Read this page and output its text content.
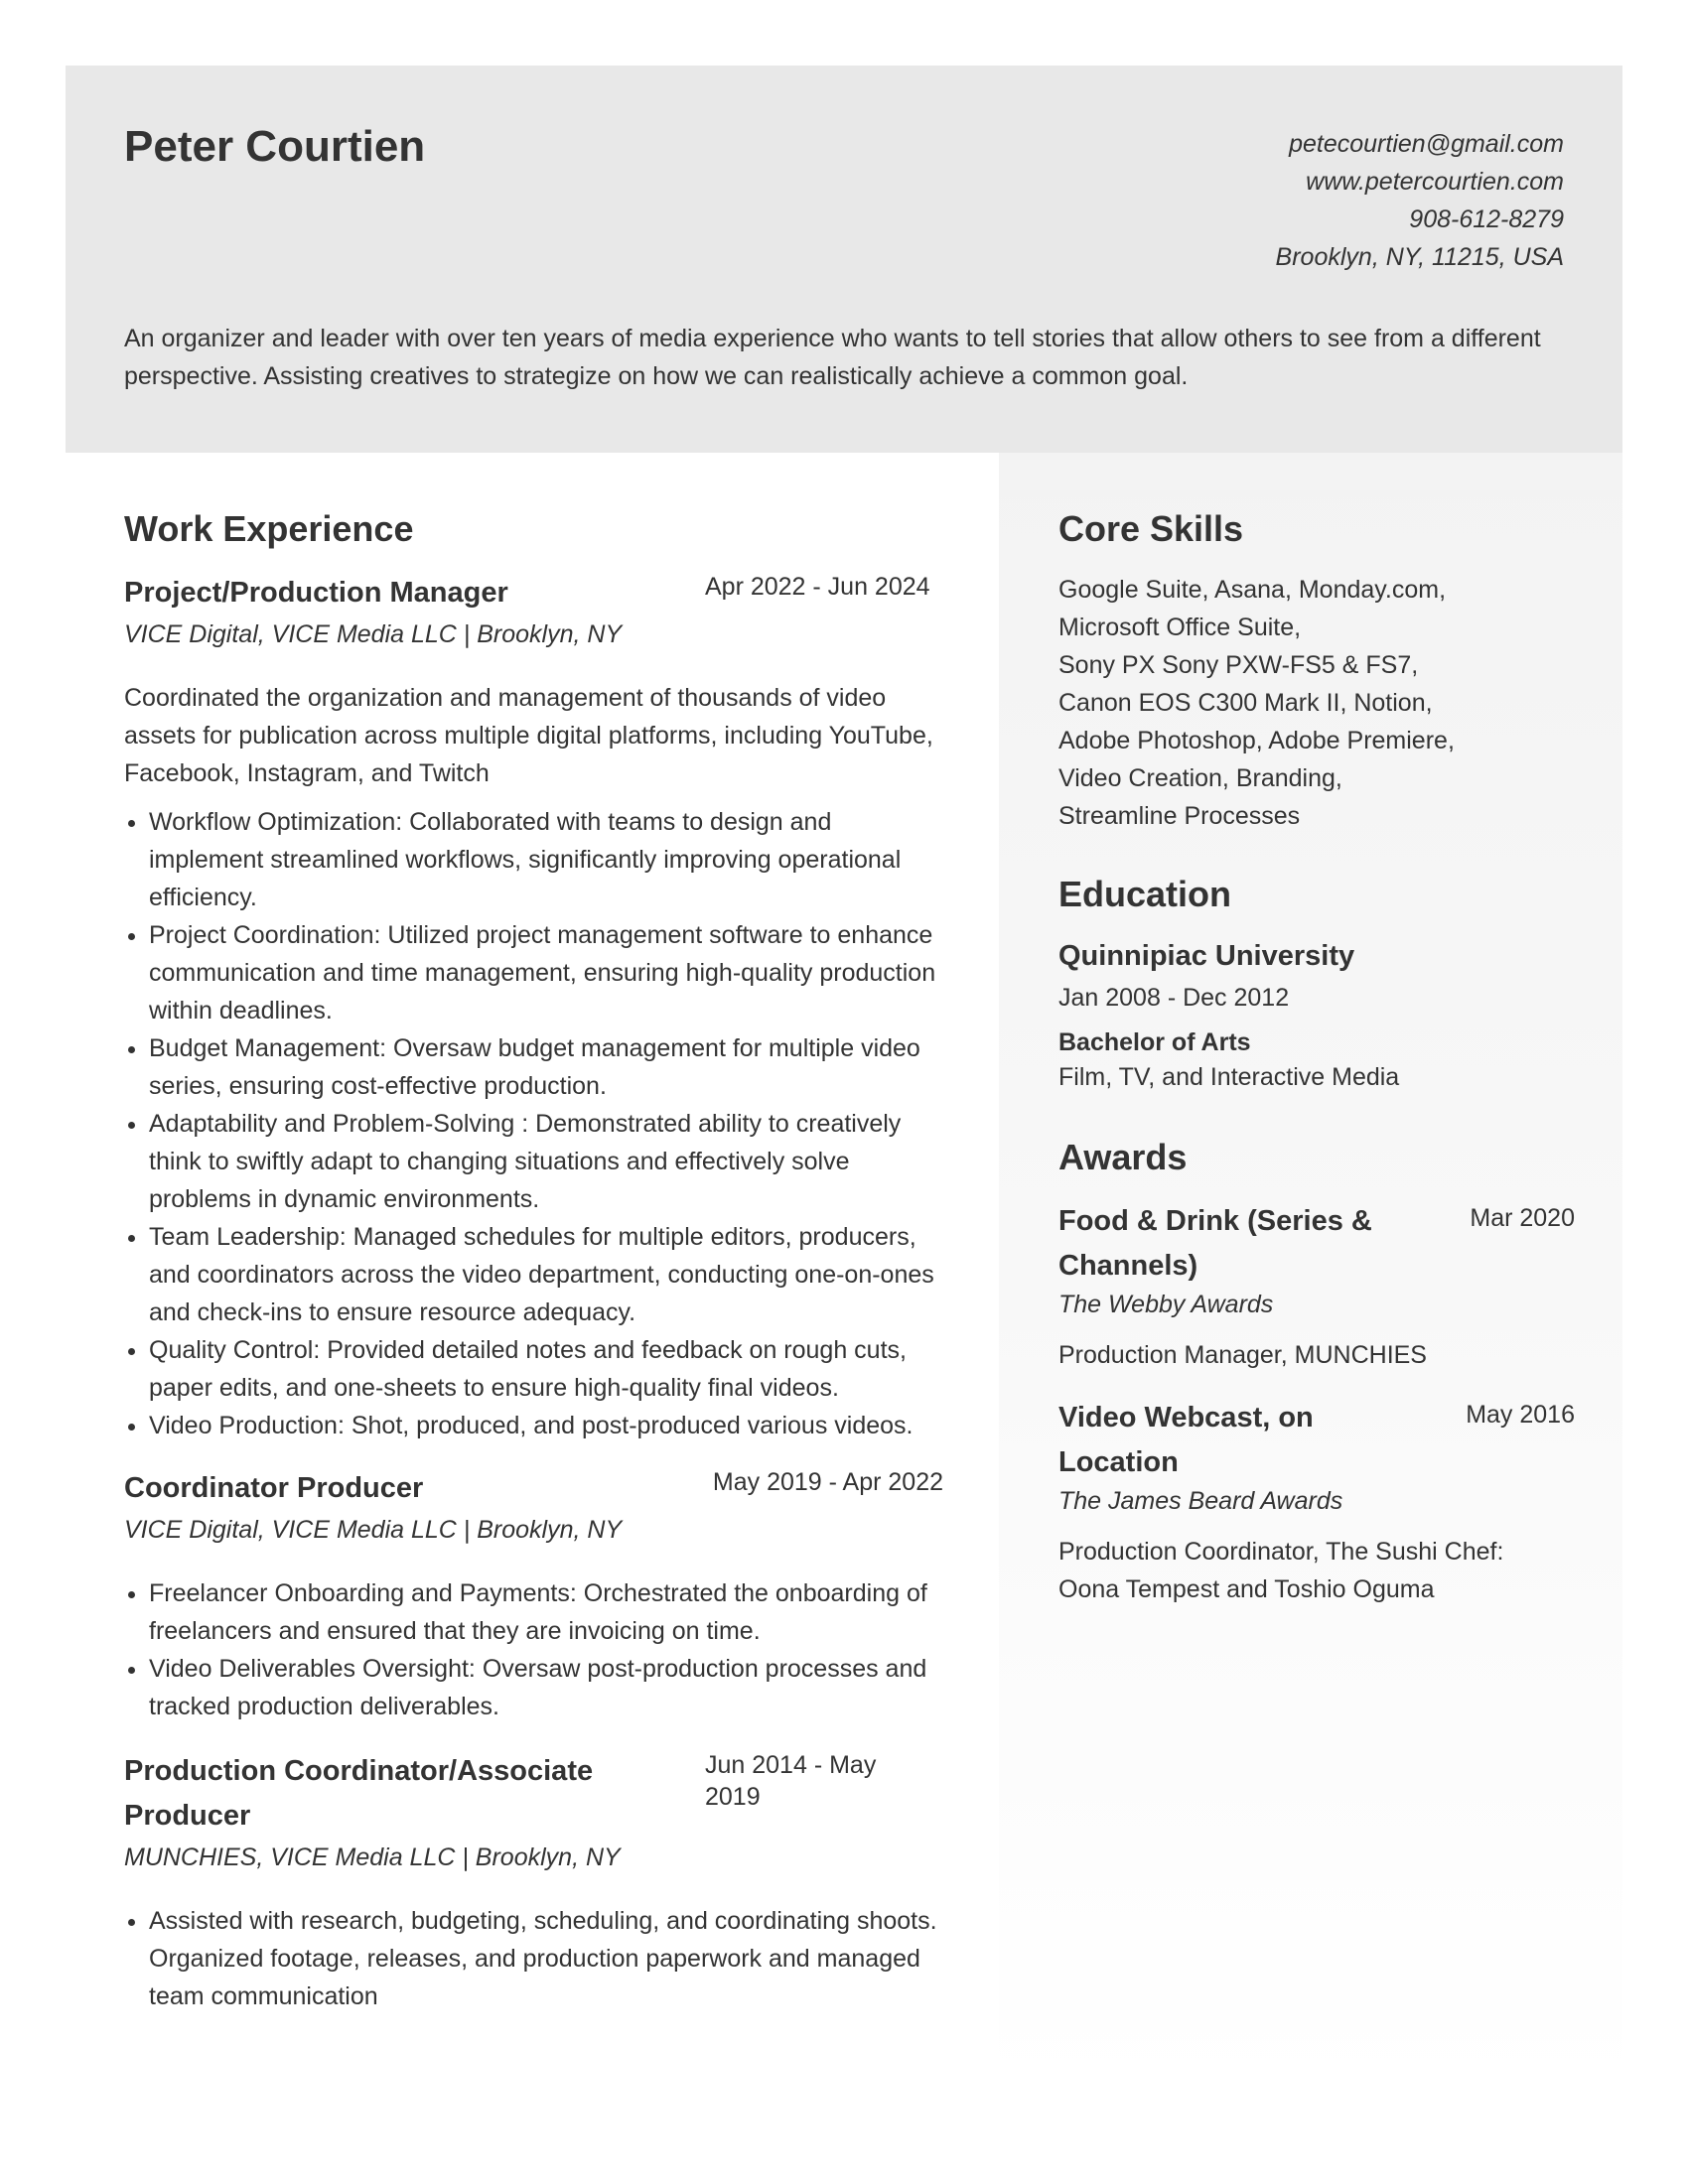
Peter Courtien	petecourtien@gmail.com
www.petercourtien.com
908-612-8279
Brooklyn, NY, 11215, USA

An organizer and leader with over ten years of media experience who wants to tell stories that allow others to see from a different perspective. Assisting creatives to strategize on how we can realistically achieve a common goal.

Work Experience
Project/Production Manager	Apr 2022 - Jun 2024
VICE Digital, VICE Media LLC | Brooklyn, NY

Coordinated the organization and management of thousands of video assets for publication across multiple digital platforms, including YouTube, Facebook, Instagram, and Twitch

• Workflow Optimization: Collaborated with teams to design and implement streamlined workflows, significantly improving operational efficiency.
• Project Coordination: Utilized project management software to enhance communication and time management, ensuring high-quality production within deadlines.
• Budget Management: Oversaw budget management for multiple video series, ensuring cost-effective production.
• Adaptability and Problem-Solving : Demonstrated ability to creatively think to swiftly adapt to changing situations and effectively solve problems in dynamic environments.
• Team Leadership: Managed schedules for multiple editors, producers, and coordinators across the video department, conducting one-on-ones and check-ins to ensure resource adequacy.
• Quality Control: Provided detailed notes and feedback on rough cuts, paper edits, and one-sheets to ensure high-quality final videos.
• Video Production: Shot, produced, and post-produced various videos.
Coordinator Producer	May 2019 - Apr 2022
VICE Digital, VICE Media LLC | Brooklyn, NY
• Freelancer Onboarding and Payments: Orchestrated the onboarding of freelancers and ensured that they are invoicing on time.
• Video Deliverables Oversight: Oversaw post-production processes and tracked production deliverables.
Production Coordinator/Associate Producer
Jun 2014 - May 2019
MUNCHIES, VICE Media LLC | Brooklyn, NY
• Assisted with research, budgeting, scheduling, and coordinating shoots. Organized footage, releases, and production paperwork and managed team communication
Core Skills
Google Suite, Asana, Monday.com,
Microsoft Office Suite,
Sony PX Sony PXW-FS5 & FS7,
Canon EOS C300 Mark II, Notion,
Adobe Photoshop, Adobe Premiere,
Video Creation, Branding,
Streamline Processes
Education
Quinnipiac University
Jan 2008 - Dec 2012
Bachelor of Arts
Film, TV, and Interactive Media
Awards
Food & Drink (Series & Channels)
Mar 2020
The Webby Awards
Production Manager, MUNCHIES
Video Webcast, on Location
May 2016
The James Beard Awards
Production Coordinator, The Sushi Chef: Oona Tempest and Toshio Oguma
